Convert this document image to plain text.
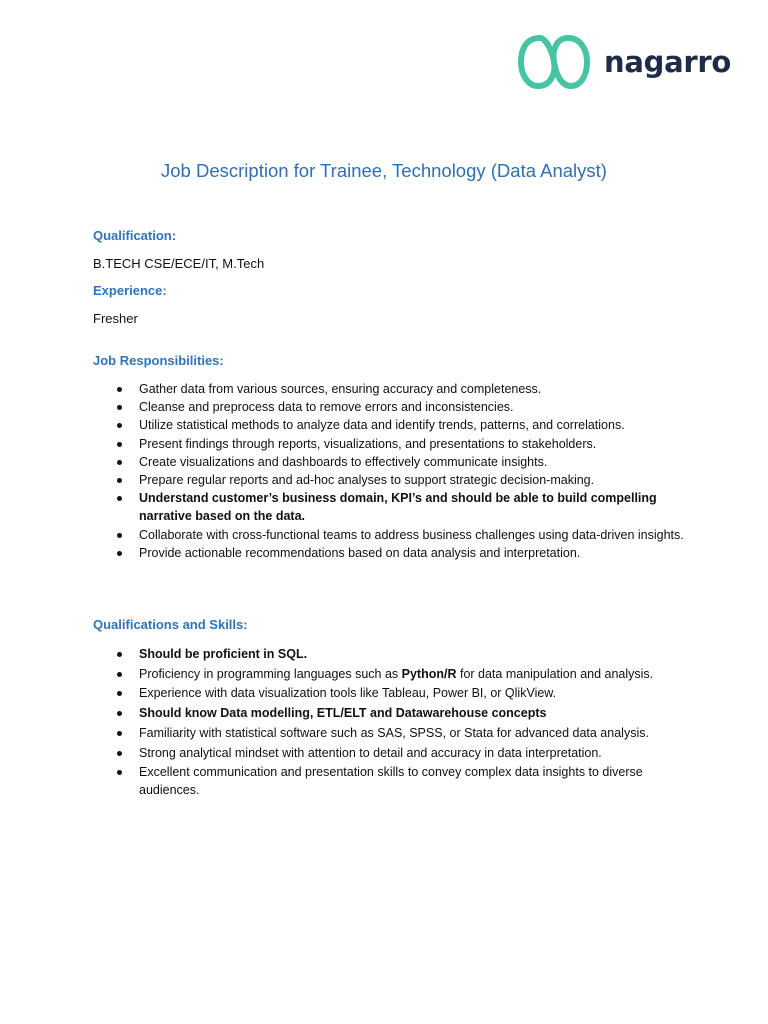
nagarro
Job Description for Trainee, Technology (Data Analyst)
Qualification:
B.TECH CSE/ECE/IT, M.Tech
Experience:
Fresher
Job Responsibilities:
Gather data from various sources, ensuring accuracy and completeness.
Cleanse and preprocess data to remove errors and inconsistencies.
Utilize statistical methods to analyze data and identify trends, patterns, and correlations.
Present findings through reports, visualizations, and presentations to stakeholders.
Create visualizations and dashboards to effectively communicate insights.
Prepare regular reports and ad-hoc analyses to support strategic decision-making.
Understand customer’s business domain, KPI’s and should be able to build compelling narrative based on the data.
Collaborate with cross-functional teams to address business challenges using data-driven insights.
Provide actionable recommendations based on data analysis and interpretation.
Qualifications and Skills:
Should be proficient in SQL.
Proficiency in programming languages such as Python/R for data manipulation and analysis.
Experience with data visualization tools like Tableau, Power BI, or QlikView.
Should know Data modelling, ETL/ELT and Datawarehouse concepts
Familiarity with statistical software such as SAS, SPSS, or Stata for advanced data analysis.
Strong analytical mindset with attention to detail and accuracy in data interpretation.
Excellent communication and presentation skills to convey complex data insights to diverse audiences.
